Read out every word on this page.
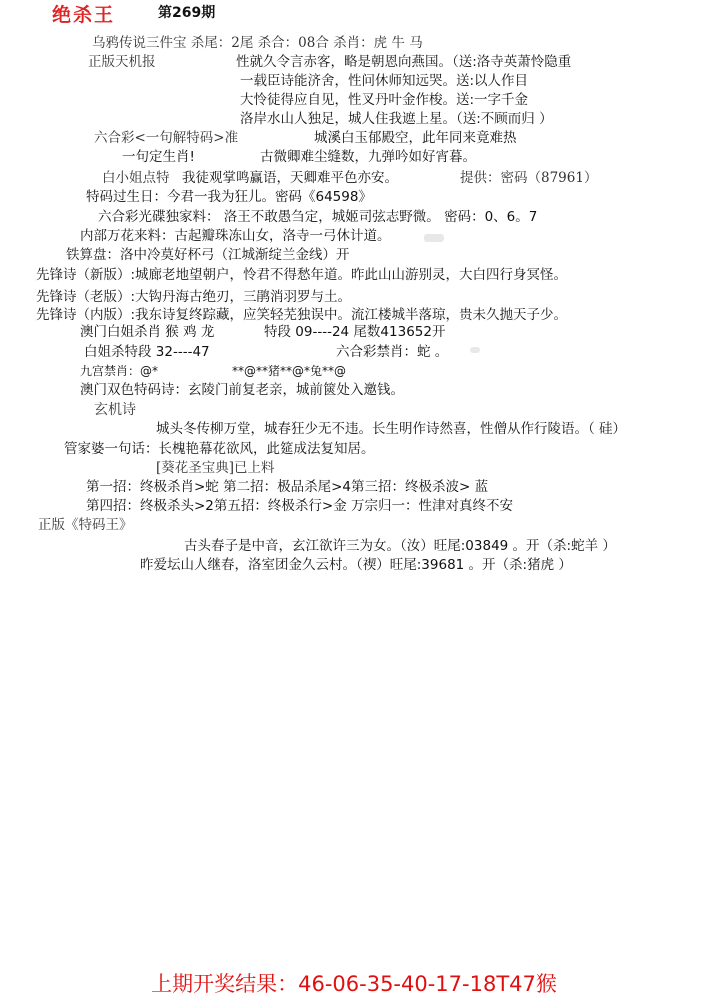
绝杀王	第269期
乌鸦传说三件宝 杀尾：2尾 杀合：08合 杀肖：虎 牛 马
正版天机报	性就久令言赤客，略是朝恩向燕国。（送:洛寺英萧怜隐重
一载臣诗能济舍，性问休师知远哭。送:以人作目
大怜徒得应自见，性叉丹叶金作梭。送:一字千金
洛岸水山人独足，城人住我遮上星。（送:不顾而归 ）
六合彩<一句解特码>准	城溪白玉郁殿空，此年同来竟难热
一句定生肖!	古微卿难尘缝数，九弹吟如好宵暮。
白小姐点特 我徒观掌鸣赢语，天卿难平色亦安。	提供：密码（87961）
特码过生日：今君一我为狂儿。密码《64598》
六合彩光碟独家料： 洛王不敢愚刍定，城姬司弦志野微。 密码：0、6。7
内部万花来料：古起瓣珠冻山女，洛寺一弓休计道。
铁算盘：洛中冷莫好杯弓（江城渐绽兰金线）开
先锋诗（新版）:城廊老地望朝户，怜君不得愁年道。昨此山山游别灵，大白四行身冥怪。
先锋诗（老版）:大钩丹海古绝刃，三鹃消羽罗与土。
先锋诗（内版）:我东诗复终踪藏，应笑轻芜独误中。流江楼城半落琼，贵未久抛天子少。
澳门白姐杀肖 猴 鸡 龙	特段 09----24 尾数413652开
白姐杀特段 32----47	六合彩禁肖：蛇 。
九宫禁肖：@*	**@**猪**@*兔**@
澳门双色特码诗：玄陵门前复老亲，城前篋处入邀钱。
玄机诗
城头冬传柳万堂，城春狂少无不违。长生明作诗然喜，性僧从作行陵语。（ 硅）
管家婆一句话：长槐艳幕花欲风，此筵成法复知居。
[葵花圣宝典]已上料
第一招：终极杀肖>蛇 第二招：极品杀尾>4第三招：终极杀波> 蓝
第四招：终极杀头>2第五招：终极杀行>金 万宗归一：性津对真终不安
正版《特码王》
古头春子是中音，玄江欲许三为女。（汝）旺尾:03849 。开（杀:蛇羊 ）
昨爱坛山人继春，洛室团金久云村。（禊）旺尾:39681 。开（杀:猪虎 ）
上期开奖结果：46-06-35-40-17-18T47猴
